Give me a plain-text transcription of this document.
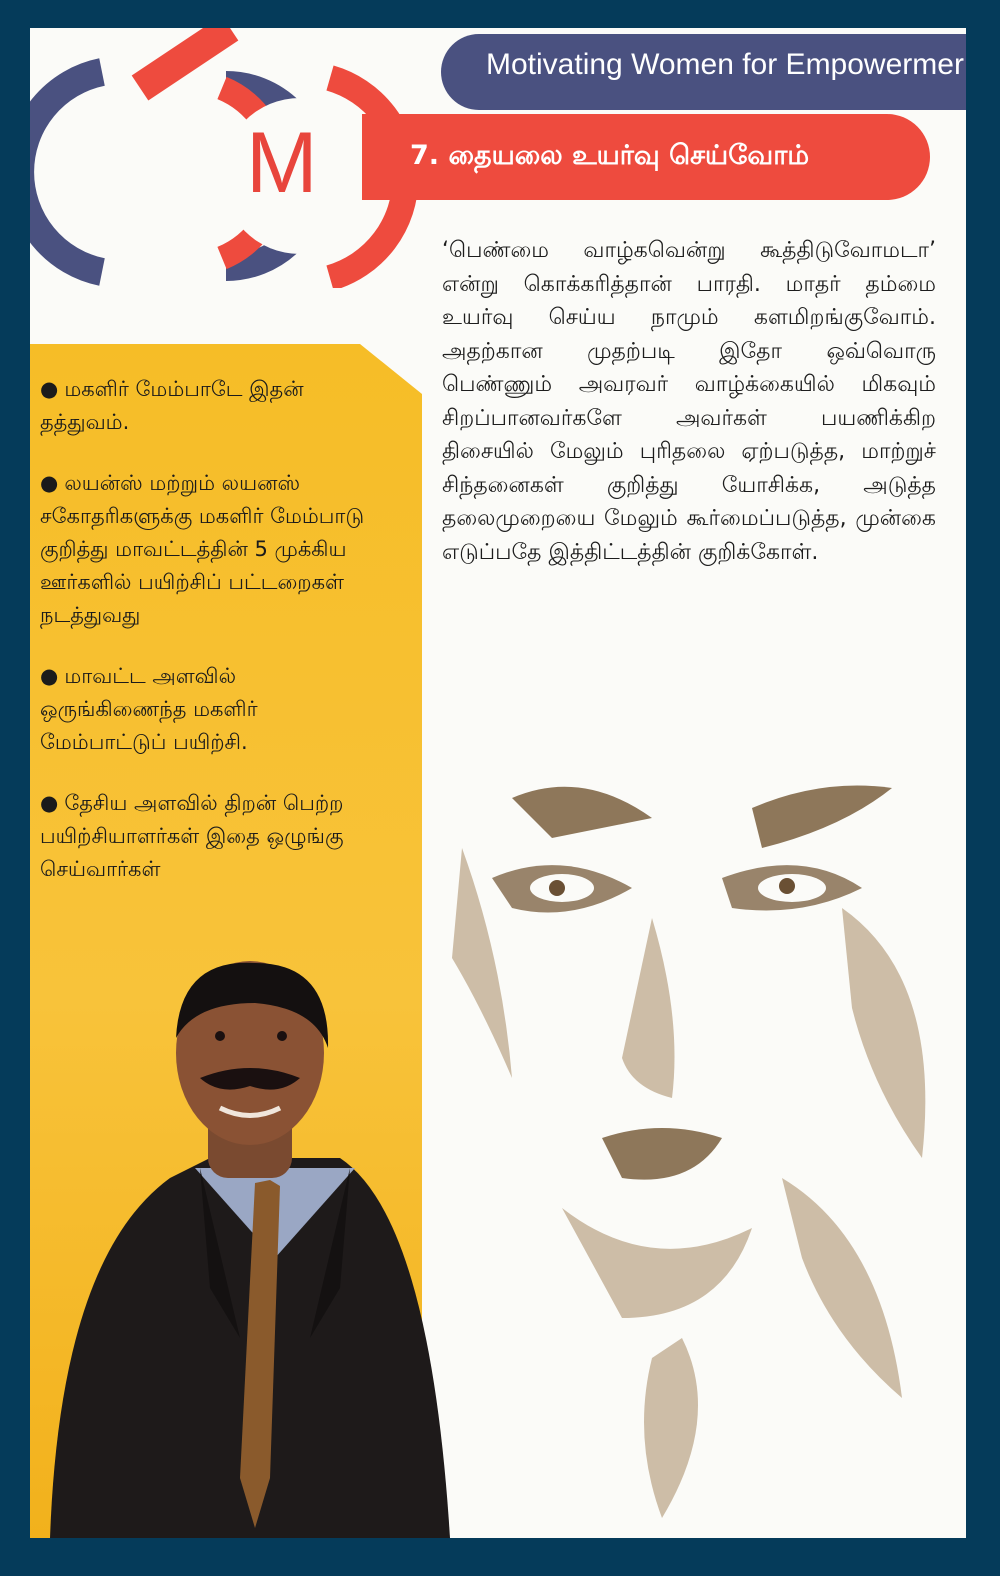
M
Motivating Women for Empowermer
7. தையலை உயர்வு செய்வோம்
‘பெண்மை வாழ்கவென்று கூத்திடுவோமடா’ என்று கொக்கரித்தான் பாரதி. மாதர் தம்மை உயர்வு செய்ய நாமும் களமிறங்குவோம். அதற்கான முதற்படி இதோ ஒவ்வொரு பெண்ணும் அவரவர் வாழ்க்கையில் மிகவும் சிறப்பானவர்களே அவர்கள் பயணிக்கிற திசையில் மேலும் புரிதலை ஏற்படுத்த, மாற்றுச் சிந்தனைகள் குறித்து யோசிக்க, அடுத்த தலைமுறையை மேலும் கூர்மைப்படுத்த, முன்கை எடுப்பதே இத்திட்டத்தின் குறிக்கோள்.
● மகளிர் மேம்பாடே இதன் தத்துவம்.
● லயன்ஸ் மற்றும் லயனஸ் சகோதரிகளுக்கு மகளிர் மேம்பாடு குறித்து மாவட்டத்தின் 5 முக்கிய ஊர்களில் பயிற்சிப் பட்டறைகள் நடத்துவது
● மாவட்ட அளவில் ஒருங்கிணைந்த மகளிர் மேம்பாட்டுப் பயிற்சி.
● தேசிய அளவில் திறன் பெற்ற பயிற்சியாளர்கள் இதை ஒழுங்கு செய்வார்கள்
